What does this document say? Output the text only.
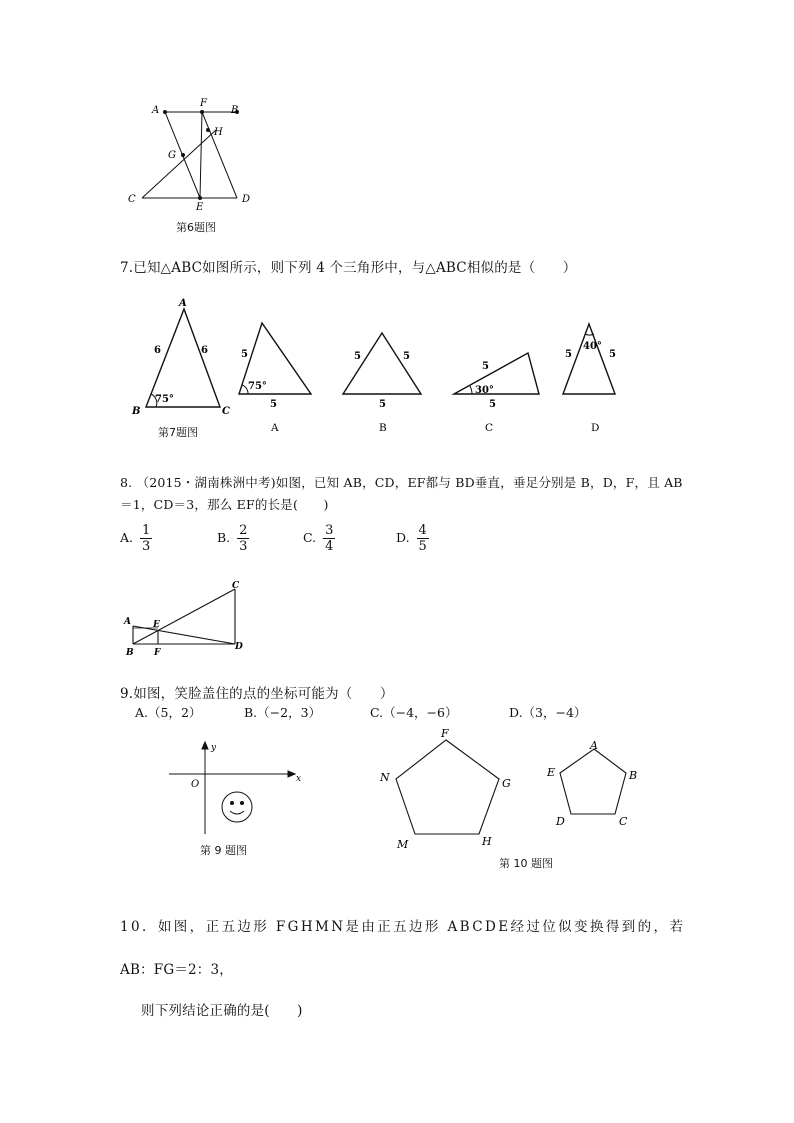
A
F
B
H
G
C
E
D
第6题图
7.已知△ABC如图所示，则下列 4 个三角形中，与△ABC相似的是（　　）
A
B	C
6	6
75°
5
5
75°
5	5
5
5
5
30°
5	5
40°
A	B	C	D
第7题图
8. （2015・湖南株洲中考)如图，已知 AB，CD，EF都与 BD垂直，垂足分别是 B，D，F，且 AB
＝1，CD＝3，那么 EF的长是(　　)
A. $\frac{1}{3}$	B. $\frac{2}{3}$	C. $\frac{3}{4}$	D. $\frac{4}{5}$
A
B
C
D
E
F
9.如图，笑脸盖住的点的坐标可能为（　　）
A.（5，2）	B.（−2，3）	C.（−4，−6）	D.（3，−4）
y
x
O
第 9 题图
F
G
H
M
N
A
B
C
D
E
第 10 题图
10．如图，正五边形 FGHMN是由正五边形 ABCDE经过位似变换得到的，若
AB：FG＝2：3，
则下列结论正确的是(　　)
